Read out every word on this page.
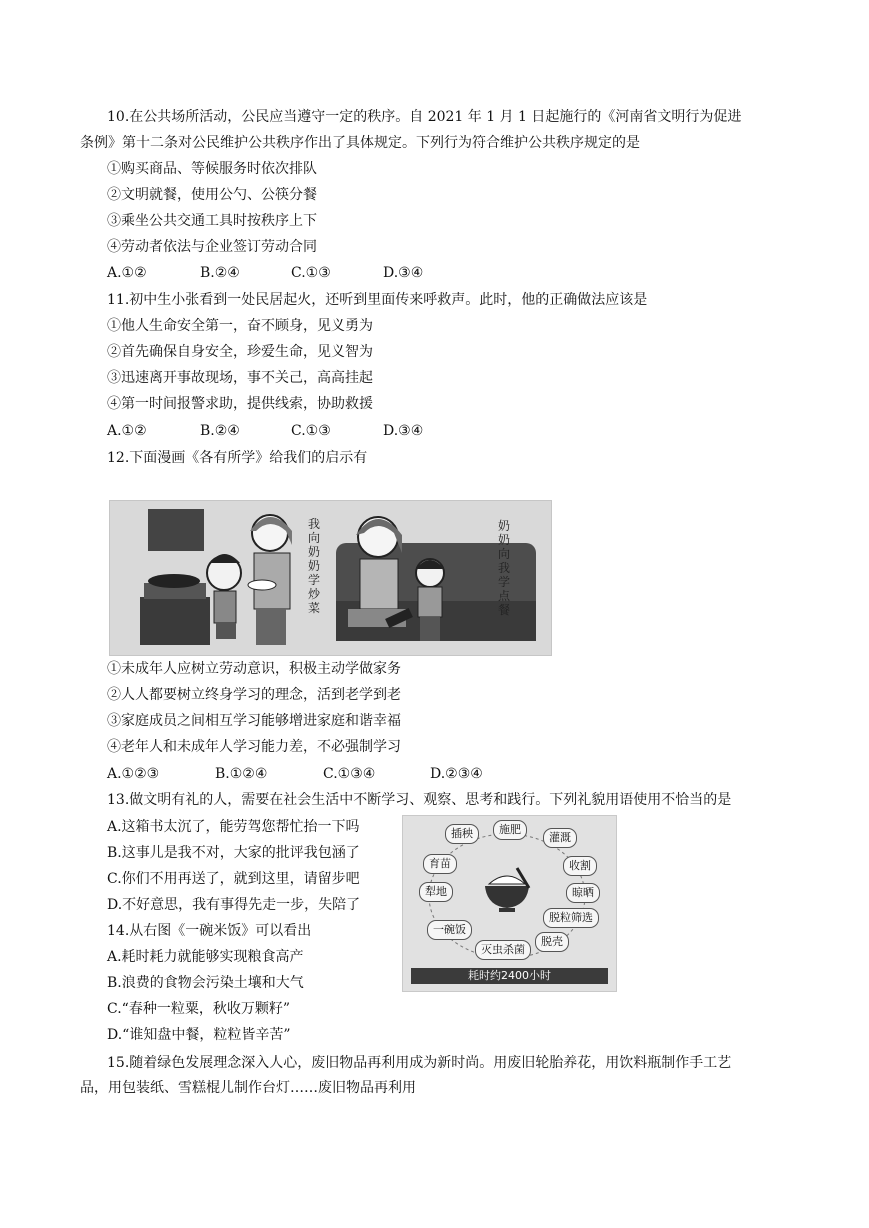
10.在公共场所活动，公民应当遵守一定的秩序。自 2021 年 1 月 1 日起施行的《河南省文明行为促进
条例》第十二条对公民维护公共秩序作出了具体规定。下列行为符合维护公共秩序规定的是
①购买商品、等候服务时依次排队
②文明就餐，使用公勺、公筷分餐
③乘坐公共交通工具时按秩序上下
④劳动者依法与企业签订劳动合同
A.①②	B.②④	C.①③	D.③④
11.初中生小张看到一处民居起火，还听到里面传来呼救声。此时，他的正确做法应该是
①他人生命安全第一，奋不顾身，见义勇为
②首先确保自身安全，珍爱生命，见义智为
③迅速离开事故现场，事不关己，高高挂起
④第一时间报警求助，提供线索，协助救援
A.①②	B.②④	C.①③	D.③④
12.下面漫画《各有所学》给我们的启示有
我向奶奶学炒菜
奶奶向我学点餐
①未成年人应树立劳动意识，积极主动学做家务
②人人都要树立终身学习的理念，活到老学到老
③家庭成员之间相互学习能够增进家庭和谐幸福
④老年人和未成年人学习能力差，不必强制学习
A.①②③	B.①②④	C.①③④	D.②③④
13.做文明有礼的人，需要在社会生活中不断学习、观察、思考和践行。下列礼貌用语使用不恰当的是
A.这箱书太沉了，能劳驾您帮忙抬一下吗
B.这事儿是我不对，大家的批评我包涵了
C.你们不用再送了，就到这里，请留步吧
D.不好意思，我有事得先走一步，失陪了
14.从右图《一碗米饭》可以看出
A.耗时耗力就能够实现粮食高产
B.浪费的食物会污染土壤和大气
C.“春种一粒粟，秋收万颗籽”
D.“谁知盘中餐，粒粒皆辛苦”
插秧	施肥
灌溉
收割
晾晒
脱粒筛选
脱壳
灭虫杀菌
一碗饭
犁地
育苗
耗时约2400小时
15.随着绿色发展理念深入人心，废旧物品再利用成为新时尚。用废旧轮胎养花，用饮料瓶制作手工艺
品，用包装纸、雪糕棍儿制作台灯……废旧物品再利用
